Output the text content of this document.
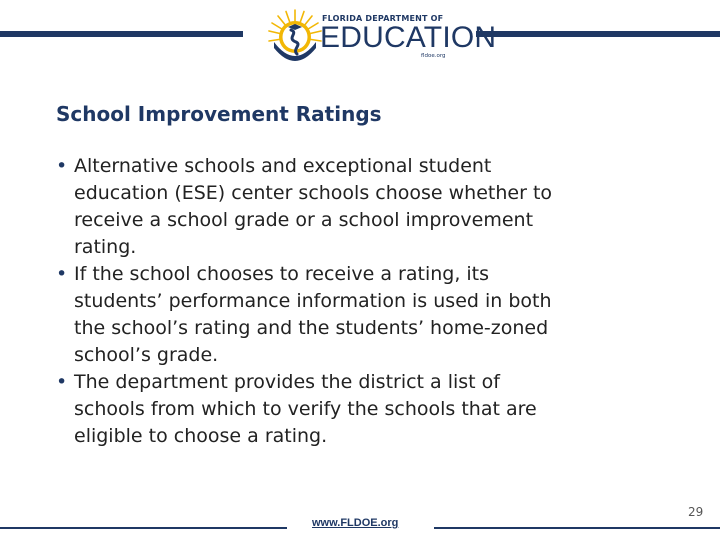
FLORIDA DEPARTMENT OF
EDUCATION
fldoe.org
School Improvement Ratings
• Alternative schools and exceptional student
education (ESE) center schools choose whether to
receive a school grade or a school improvement
rating.
• If the school chooses to receive a rating, its
students’ performance information is used in both
the school’s rating and the students’ home-zoned
school’s grade.
• The department provides the district a list of
schools from which to verify the schools that are
eligible to choose a rating.
www.FLDOE.org
29
